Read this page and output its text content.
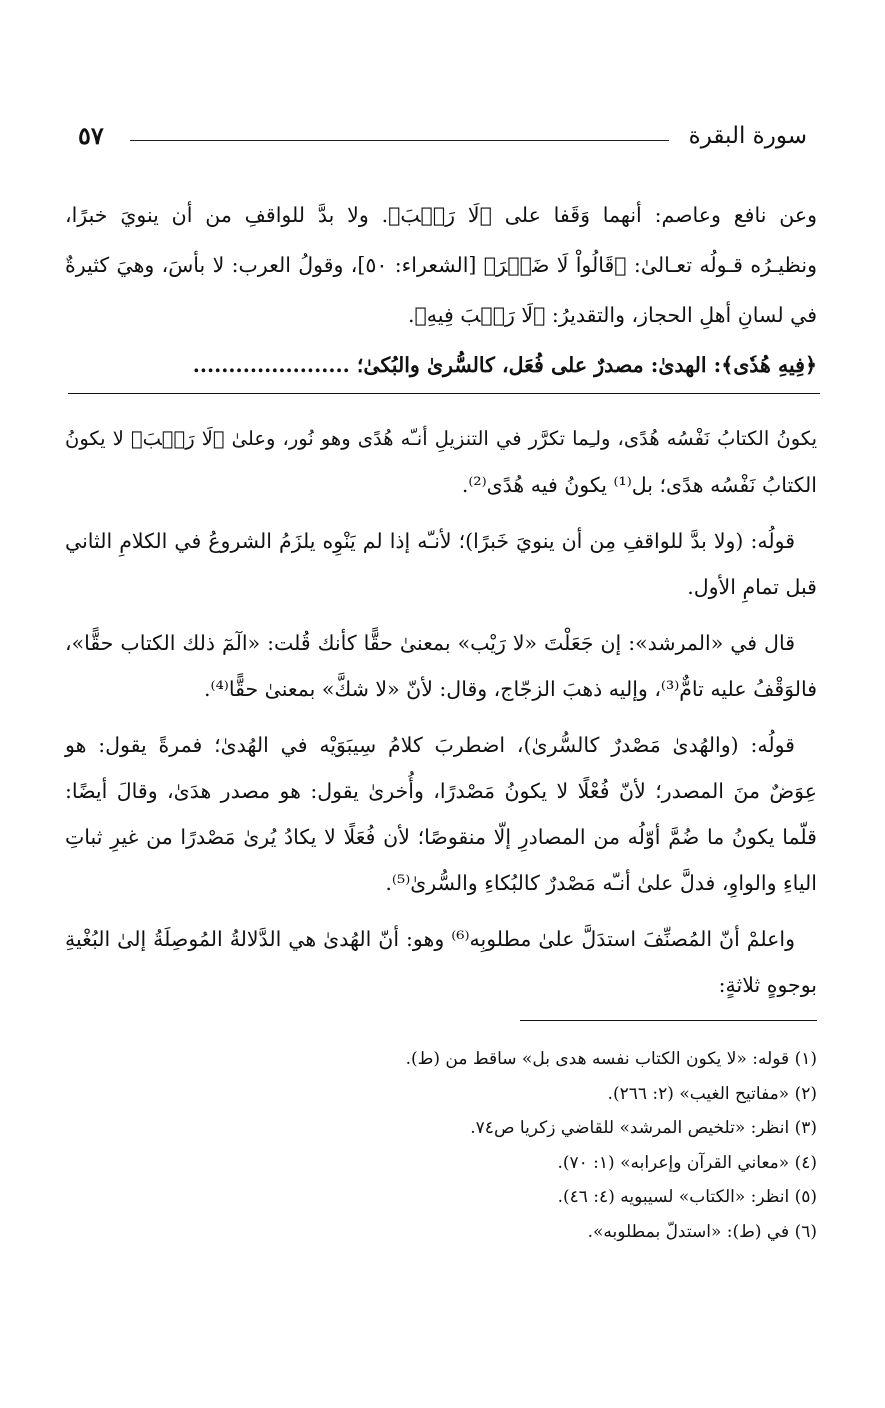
سورة البقرة
٥٧
وعن نافع وعاصم: أنهما وَقَفا على ﴿لَا رَيۡبَ﴾. ولا بدَّ للواقفِ من أن ينويَ خبرًا،
ونظيـرُه قـولُه تعـالىٰ: ﴿قَالُواْ لَا ضَيۡرَ﴾ [الشعراء: ٥٠]، وقولُ العرب: لا بأسَ، وهيَ كثيرةٌ
في لسانِ أهلِ الحجاز، والتقديرُ: ﴿لَا رَيۡبَ فِيهِ﴾.
﴿فِيهِ هُدٗى﴾: الهدىٰ: مصدرٌ على فُعَل، كالسُّرىٰ والبُكىٰ؛ ......................
يكونُ الكتابُ نَفْسُه هُدًى، ولـِما تكرَّر في التنزيلِ أنـّه هُدًى وهو نُور، وعلىٰ ﴿لَا رَيۡبَ﴾ لا يكونُ
الكتابُ نَفْسُه هدًى؛ بل⁽¹⁾ يكونُ فيه هُدًى⁽²⁾.
قولُه: (ولا بدَّ للواقفِ مِن أن ينويَ خَبرًا)؛ لأنـّه إذا لم يَنْوِه يلزَمُ الشروعُ في الكلامِ الثاني
قبل تمامِ الأول.
قال في «المرشد»: إن جَعَلْتَ «لا رَيْب» بمعنىٰ حقًّا كأنك قُلت: «الٓمٓ ذلك الكتاب حقًّا»،
فالوَقْفُ عليه تامٌّ⁽³⁾، وإليه ذهبَ الزجّاج، وقال: لأنّ «لا شكَّ» بمعنىٰ حقًّا⁽⁴⁾.
قولُه: (والهُدىٰ مَصْدرٌ كالسُّرىٰ)، اضطربَ كلامُ سِيبَوَيْه في الهُدىٰ؛ فمرةً يقول: هو
عِوَضٌ منَ المصدر؛ لأنّ فُعْلًا لا يكونُ مَصْدرًا، وأُخرىٰ يقول: هو مصدر هدَىٰ، وقالَ أيضًا:
قلّما يكونُ ما ضُمَّ أوّلُه من المصادرِ إلّا منقوصًا؛ لأن فُعَلًا لا يكادُ يُرىٰ مَصْدرًا من غيرِ ثباتِ
الياءِ والواوِ، فدلَّ علىٰ أنـّه مَصْدرٌ كالبُكاءِ والسُّرىٰ⁽⁵⁾.
واعلمْ أنّ المُصنِّفَ استدَلَّ علىٰ مطلوبِه⁽⁶⁾ وهو: أنّ الهُدىٰ هي الدَّلالةُ المُوصِلَةُ إلىٰ البُغْيةِ
بوجوهٍ ثلاثةٍ:
(١) قوله: «لا يكون الكتاب نفسه هدى بل» ساقط من (ط).
(٢) «مفاتيح الغيب» (٢: ٢٦٦).
(٣) انظر: «تلخيص المرشد» للقاضي زكريا ص٧٤.
(٤) «معاني القرآن وإعرابه» (١: ٧٠).
(٥) انظر: «الكتاب» لسيبويه (٤: ٤٦).
(٦) في (ط): «استدلّ بمطلوبه».
